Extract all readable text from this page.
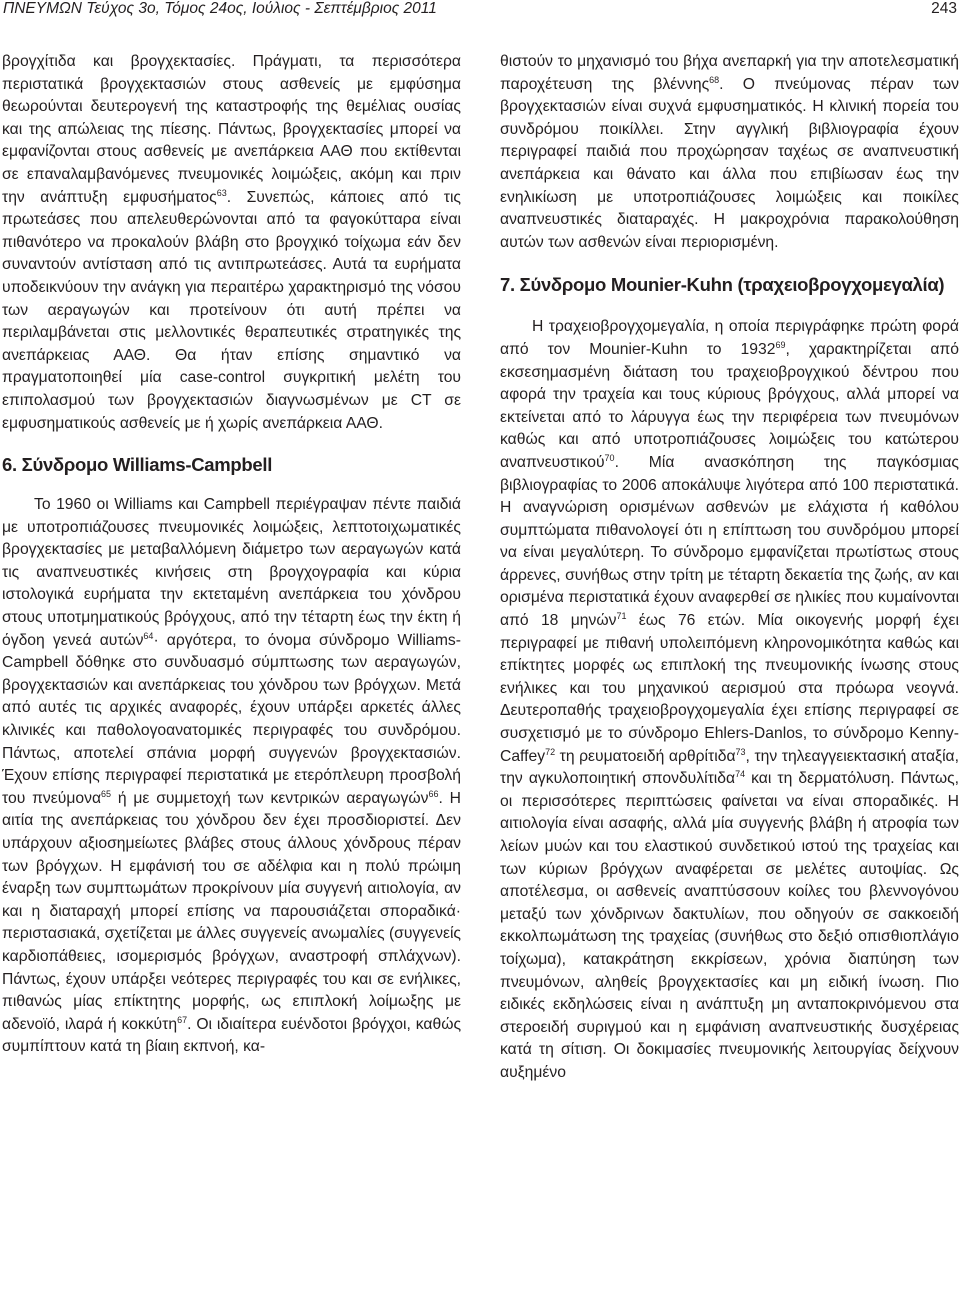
ΠΝΕΥΜΩΝ Τεύχος 3ο, Τόμος 24ος, Ιούλιος - Σεπτέμβριος 2011	243

βρογχίτιδα και βρογχεκτασίες. Πράγματι, τα περισσότερα περιστατικά βρογχεκτασιών στους ασθενείς με εμφύσημα θεωρούνται δευτερογενή της καταστροφής της θεμέλιας ουσίας και της απώλειας της πίεσης. Πάντως, βρογχεκτασίες μπορεί να εμφανίζονται στους ασθενείς με ανεπάρκεια ΑΑΘ που εκτίθενται σε επαναλαμβανόμενες πνευμονικές λοιμώξεις, ακόμη και πριν την ανάπτυξη εμφυσήματος$^{63}$. Συνεπώς, κάποιες από τις πρωτεάσες που απελευθερώνονται από τα φαγοκύτταρα είναι πιθανότερο να προκαλούν βλάβη στο βρογχικό τοίχωμα εάν δεν συναντούν αντίσταση από τις αντιπρωτεάσες. Αυτά τα ευρήματα υποδεικνύουν την ανάγκη για περαιτέρω χαρακτηρισμό της νόσου των αεραγωγών και προτείνουν ότι αυτή πρέπει να περιλαμβάνεται στις μελλοντικές θεραπευτικές στρατηγικές της ανεπάρκειας ΑΑΘ. Θα ήταν επίσης σημαντικό να πραγματοποιηθεί μία case-control συγκριτική μελέτη του επιπολασμού των βρογχεκτασιών διαγνωσμένων με CT σε εμφυσηματικούς ασθενείς με ή χωρίς ανεπάρκεια ΑΑΘ.

6. Σύνδρομο Williams-Campbell

Το 1960 οι Williams και Campbell περιέγραψαν πέντε παιδιά με υποτροπιάζουσες πνευμονικές λοιμώξεις, λεπτοτοιχωματικές βρογχεκτασίες με μεταβαλλόμενη διάμετρο των αεραγωγών κατά τις αναπνευστικές κινήσεις στη βρογχογραφία και κύρια ιστολογικά ευρήματα την εκτεταμένη ανεπάρκεια του χόνδρου στους υποτμηματικούς βρόγχους, από την τέταρτη έως την έκτη ή όγδοη γενεά αυτών$^{64}$· αργότερα, το όνομα σύνδρομο Williams-Campbell δόθηκε στο συνδυασμό σύμπτωσης των αεραγωγών, βρογχεκτασιών και ανεπάρκειας του χόνδρου των βρόγχων. Μετά από αυτές τις αρχικές αναφορές, έχουν υπάρξει αρκετές άλλες κλινικές και παθολογοανατομικές περιγραφές του συνδρόμου. Πάντως, αποτελεί σπάνια μορφή συγγενών βρογχεκτασιών. Έχουν επίσης περιγραφεί περιστατικά με ετερόπλευρη προσβολή του πνεύμονα$^{65}$ ή με συμμετοχή των κεντρικών αεραγωγών$^{66}$. Η αιτία της ανεπάρκειας του χόνδρου δεν έχει προσδιοριστεί. Δεν υπάρχουν αξιοσημείωτες βλάβες στους άλλους χόνδρους πέραν των βρόγχων. Η εμφάνισή του σε αδέλφια και η πολύ πρώιμη έναρξη των συμπτωμάτων προκρίνουν μία συγγενή αιτιολογία, αν και η διαταραχή μπορεί επίσης να παρουσιάζεται σποραδικά· περιστασιακά, σχετίζεται με άλλες συγγενείς ανωμαλίες (συγγενείς καρδιοπάθειες, ισομερισμός βρόγχων, αναστροφή σπλάχνων). Πάντως, έχουν υπάρξει νεότερες περιγραφές του και σε ενήλικες, πιθανώς μίας επίκτητης μορφής, ως επιπλοκή λοίμωξης με αδενοϊό, ιλαρά ή κοκκύτη$^{67}$. Οι ιδιαίτερα ευένδοτοι βρόγχοι, καθώς συμπίπτουν κατά τη βίαιη εκπνοή, κα-

θιστούν το μηχανισμό του βήχα ανεπαρκή για την αποτελεσματική παροχέτευση της βλέννης$^{68}$. Ο πνεύμονας πέραν των βρογχεκτασιών είναι συχνά εμφυσηματικός. Η κλινική πορεία του συνδρόμου ποικίλλει. Στην αγγλική βιβλιογραφία έχουν περιγραφεί παιδιά που προχώρησαν ταχέως σε αναπνευστική ανεπάρκεια και θάνατο και άλλα που επιβίωσαν έως την ενηλικίωση με υποτροπιάζουσες λοιμώξεις και ποικίλες αναπνευστικές διαταραχές. Η μακροχρόνια παρακολούθηση αυτών των ασθενών είναι περιορισμένη.

7. Σύνδρομο Mounier-Kuhn (τραχειοβρογχομεγαλία)

Η τραχειοβρογχομεγαλία, η οποία περιγράφηκε πρώτη φορά από τον Mounier-Kuhn το 1932$^{69}$, χαρακτηρίζεται από εκσεσημασμένη διάταση του τραχειοβρογχικού δέντρου που αφορά την τραχεία και τους κύριους βρόγχους, αλλά μπορεί να εκτείνεται από το λάρυγγα έως την περιφέρεια των πνευμόνων καθώς και από υποτροπιάζουσες λοιμώξεις του κατώτερου αναπνευστικού$^{70}$. Μία ανασκόπηση της παγκόσμιας βιβλιογραφίας το 2006 αποκάλυψε λιγότερα από 100 περιστατικά. Η αναγνώριση ορισμένων ασθενών με ελάχιστα ή καθόλου συμπτώματα πιθανολογεί ότι η επίπτωση του συνδρόμου μπορεί να είναι μεγαλύτερη. Το σύνδρομο εμφανίζεται πρωτίστως στους άρρενες, συνήθως στην τρίτη με τέταρτη δεκαετία της ζωής, αν και ορισμένα περιστατικά έχουν αναφερθεί σε ηλικίες που κυμαίνονται από 18 μηνών$^{71}$ έως 76 ετών. Μία οικογενής μορφή έχει περιγραφεί με πιθανή υπολειπόμενη κληρονομικότητα καθώς και επίκτητες μορφές ως επιπλοκή της πνευμονικής ίνωσης στους ενήλικες και του μηχανικού αερισμού στα πρόωρα νεογνά. Δευτεροπαθής τραχειοβρογχομεγαλία έχει επίσης περιγραφεί σε συσχετισμό με το σύνδρομο Ehlers-Danlos, το σύνδρομο Kenny-Caffey$^{72}$ τη ρευματοειδή αρθρίτιδα$^{73}$, την τηλεαγγειεκτασική αταξία, την αγκυλοποιητική σπονδυλίτιδα$^{74}$ και τη δερματόλυση. Πάντως, οι περισσότερες περιπτώσεις φαίνεται να είναι σποραδικές. Η αιτιολογία είναι ασαφής, αλλά μία συγγενής βλάβη ή ατροφία των λείων μυών και του ελαστικού συνδετικού ιστού της τραχείας και των κύριων βρόγχων αναφέρεται σε μελέτες αυτοψίας. Ως αποτέλεσμα, οι ασθενείς αναπτύσσουν κοίλες του βλεννογόνου μεταξύ των χόνδρινων δακτυλίων, που οδηγούν σε σακκοειδή εκκολπωμάτωση της τραχείας (συνήθως στο δεξιό οπισθιοπλάγιο τοίχωμα), κατακράτηση εκκρίσεων, χρόνια διαπύηση των πνευμόνων, αληθείς βρογχεκτασίες και μη ειδική ίνωση. Πιο ειδικές εκδηλώσεις είναι η ανάπτυξη μη ανταποκρινόμενου στα στεροειδή συριγμού και η εμφάνιση αναπνευστικής δυσχέρειας κατά τη σίτιση. Οι δοκιμασίες πνευμονικής λειτουργίας δείχνουν αυξημένο
